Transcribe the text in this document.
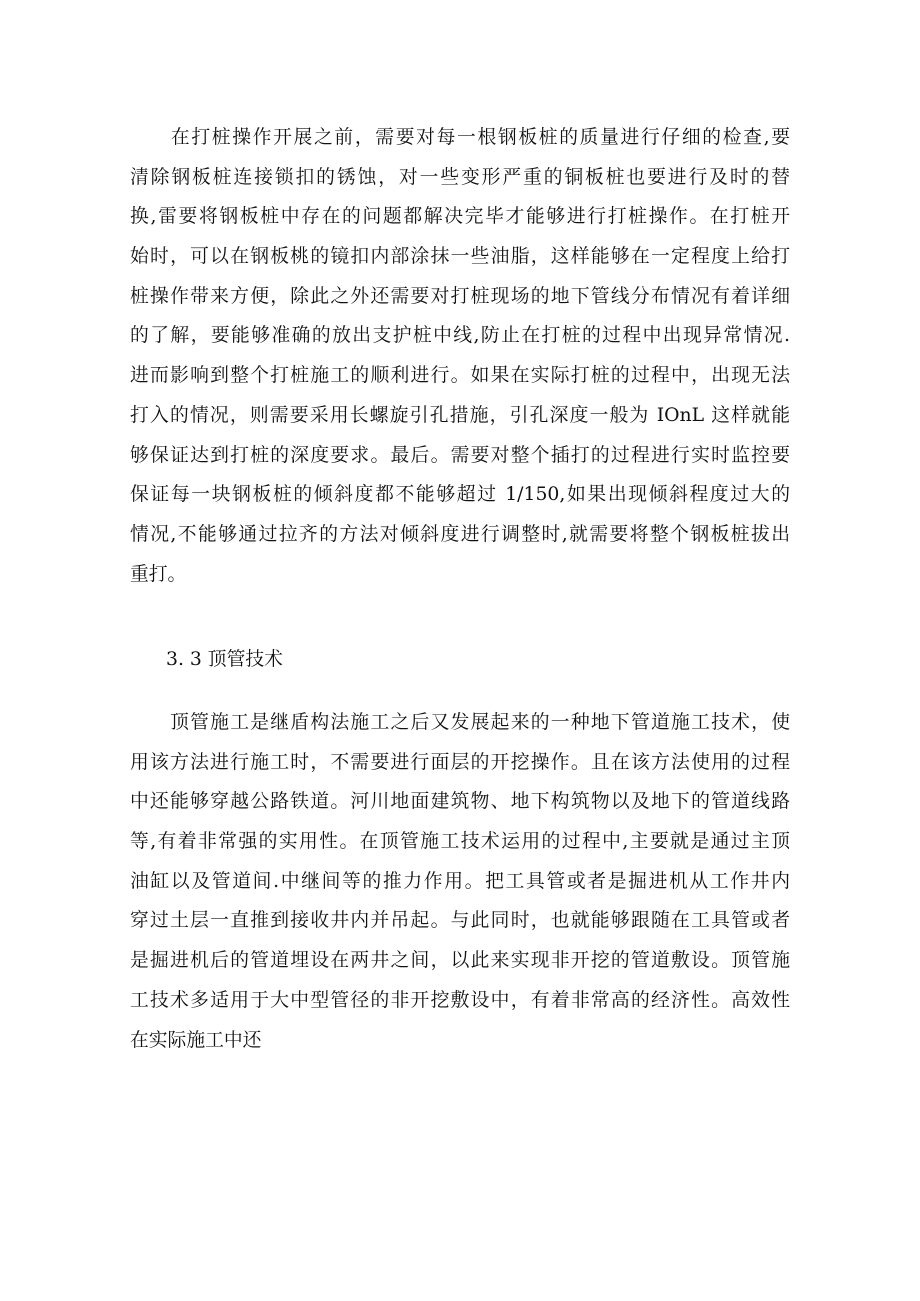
　　在打桩操作开展之前，需要对每一根钢板桩的质量进行仔细的检查,要
清除钢板桩连接锁扣的锈蚀，对一些变形严重的铜板桩也要进行及时的替
换,雷要将钢板桩中存在的问题都解决完毕才能够进行打桩操作。在打桩开
始时，可以在钢板桃的镜扣内部涂抹一些油脂，这样能够在一定程度上给打
桩操作带来方便，除此之外还需要对打桩现场的地下管线分布情况有着详细
的了解，要能够准确的放出支护桩中线,防止在打桩的过程中出现异常情况.
进而影响到整个打桩施工的顺利进行。如果在实际打桩的过程中，出现无法
打入的情况，则需要采用长螺旋引孔措施，引孔深度一般为 IOnL 这样就能
够保证达到打桩的深度要求。最后。需要对整个插打的过程进行实时监控要
保证每一块钢板桩的倾斜度都不能够超过 1/150,如果出现倾斜程度过大的
情况,不能够通过拉齐的方法对倾斜度进行调整时,就需要将整个钢板桩拔出
重打。
3. 3 顶管技术
　　顶管施工是继盾构法施工之后又发展起来的一种地下管道施工技术，使
用该方法进行施工时，不需要进行面层的开挖操作。且在该方法使用的过程
中还能够穿越公路铁道。河川地面建筑物、地下构筑物以及地下的管道线路
等,有着非常强的实用性。在顶管施工技术运用的过程中,主要就是通过主顶
油缸以及管道间.中继间等的推力作用。把工具管或者是掘进机从工作井内
穿过土层一直推到接收井内并吊起。与此同时，也就能够跟随在工具管或者
是掘进机后的管道埋设在两井之间，以此来实现非开挖的管道敷设。顶管施
工技术多适用于大中型管径的非开挖敷设中，有着非常高的经济性。高效性
在实际施工中还
